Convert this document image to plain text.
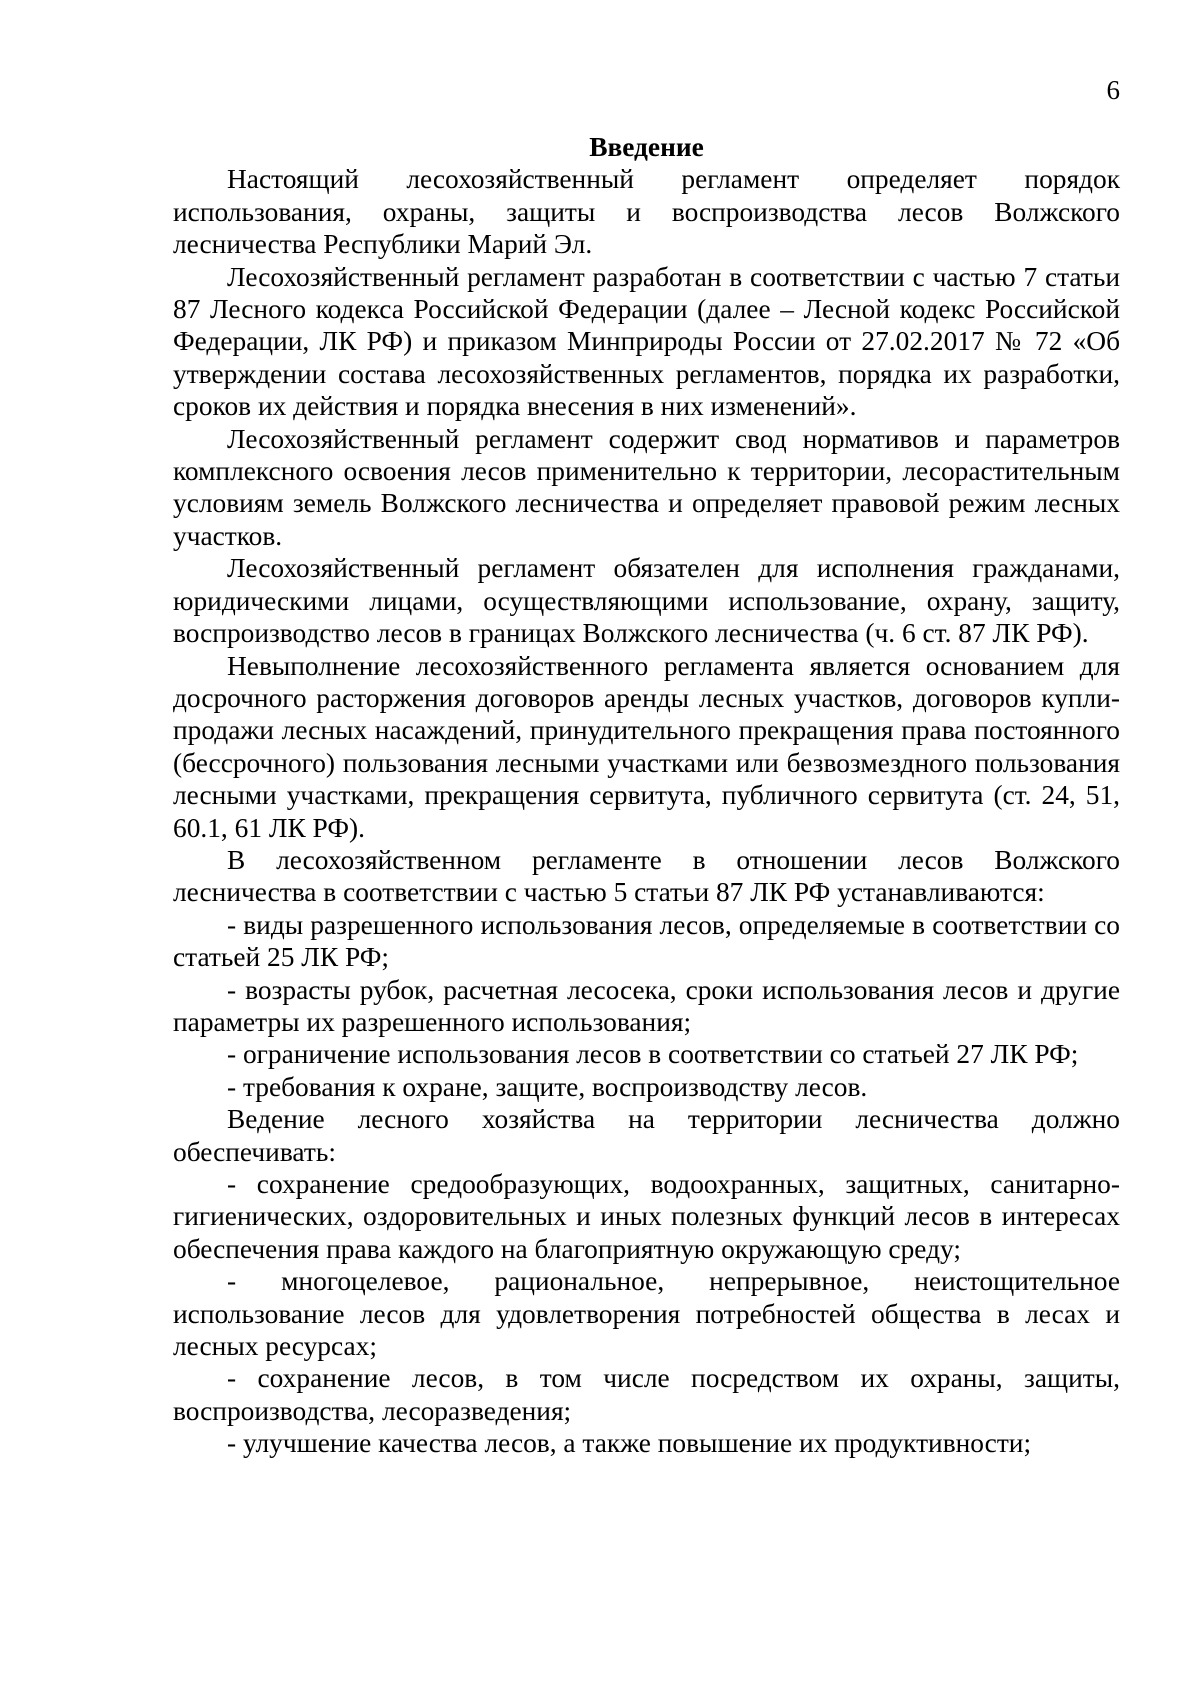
6

Введение

Настоящий лесохозяйственный регламент определяет порядок использования, охраны, защиты и воспроизводства лесов Волжского лесничества Республики Марий Эл.

Лесохозяйственный регламент разработан в соответствии с частью 7 статьи 87 Лесного кодекса Российской Федерации (далее – Лесной кодекс Российской Федерации, ЛК РФ) и приказом Минприроды России от 27.02.2017 № 72 «Об утверждении состава лесохозяйственных регламентов, порядка их разработки, сроков их действия и порядка внесения в них изменений».

Лесохозяйственный регламент содержит свод нормативов и параметров комплексного освоения лесов применительно к территории, лесорастительным условиям земель Волжского лесничества и определяет правовой режим лесных участков.

Лесохозяйственный регламент обязателен для исполнения гражданами, юридическими лицами, осуществляющими использование, охрану, защиту, воспроизводство лесов в границах Волжского лесничества (ч. 6 ст. 87 ЛК РФ).

Невыполнение лесохозяйственного регламента является основанием для досрочного расторжения договоров аренды лесных участков, договоров купли-продажи лесных насаждений, принудительного прекращения права постоянного (бессрочного) пользования лесными участками или безвозмездного пользования лесными участками, прекращения сервитута, публичного сервитута (ст. 24, 51, 60.1, 61 ЛК РФ).

В лесохозяйственном регламенте в отношении лесов Волжского лесничества в соответствии с частью 5 статьи 87 ЛК РФ устанавливаются:

- виды разрешенного использования лесов, определяемые в соответствии со статьей 25 ЛК РФ;

- возрасты рубок, расчетная лесосека, сроки использования лесов и другие параметры их разрешенного использования;

- ограничение использования лесов в соответствии со статьей 27 ЛК РФ;

- требования к охране, защите, воспроизводству лесов.

Ведение лесного хозяйства на территории лесничества должно обеспечивать:

- сохранение средообразующих, водоохранных, защитных, санитарно-гигиенических, оздоровительных и иных полезных функций лесов в интересах обеспечения права каждого на благоприятную окружающую среду;

- многоцелевое, рациональное, непрерывное, неистощительное использование лесов для удовлетворения потребностей общества в лесах и лесных ресурсах;

- сохранение лесов, в том числе посредством их охраны, защиты, воспроизводства, лесоразведения;

- улучшение качества лесов, а также повышение их продуктивности;
